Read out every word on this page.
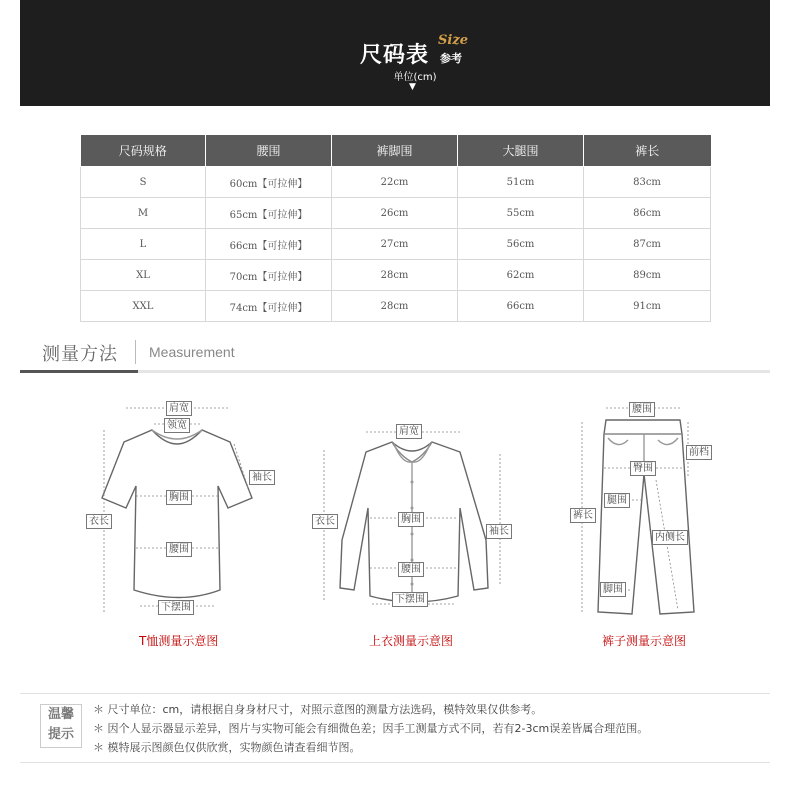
尺码表
Size
参考
单位(cm)
▼
尺码规格	腰围	裤脚围	大腿围	裤长
S	60cm【可拉伸】	22cm	51cm	83cm
M	65cm【可拉伸】	26cm	55cm	86cm
L	66cm【可拉伸】	27cm	56cm	87cm
XL	70cm【可拉伸】	28cm	62cm	89cm
XXL	74cm【可拉伸】	28cm	66cm	91cm
测量方法 Measurement
肩宽
领宽
袖长
胸围
衣长
腰围
下摆围
T恤测量示意图
肩宽
衣长	胸围
袖长
腰围
下摆围
上衣测量示意图
腰围
前档
臀围
腿围
裤长
内侧长
脚围
裤子测量示意图
温馨
提示
＊ 尺寸单位：cm，请根据自身身材尺寸，对照示意图的测量方法选码，模特效果仅供参考。
＊ 因个人显示器显示差异，图片与实物可能会有细微色差；因手工测量方式不同，若有2-3cm误差皆属合理范围。
＊ 模特展示图颜色仅供欣赏，实物颜色请查看细节图。
